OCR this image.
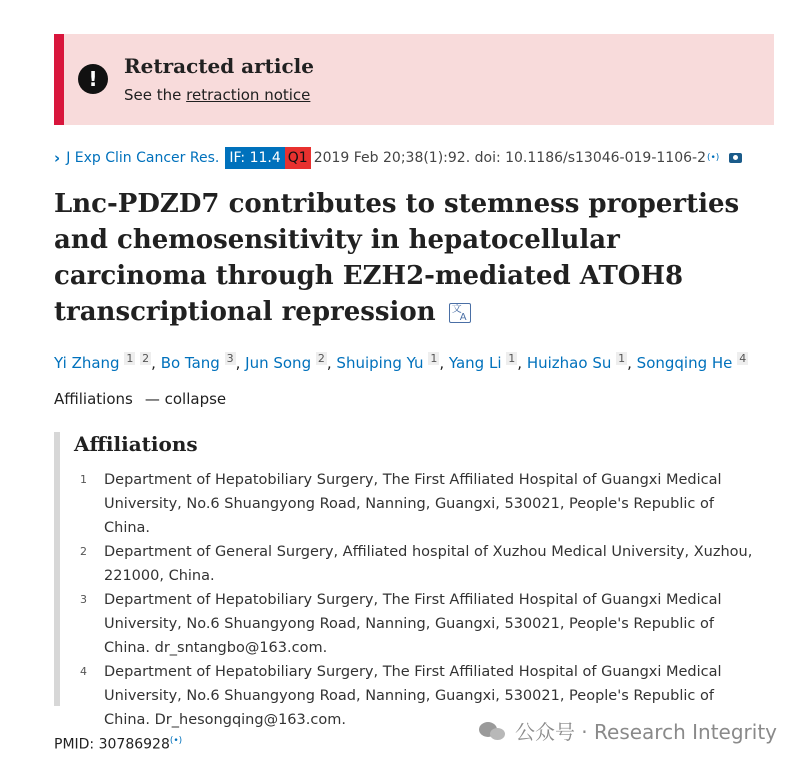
!
Retracted article
See the retraction notice
› J Exp Clin Cancer Res. IF: 11.4 Q1 2019 Feb 20;38(1):92. doi: 10.1186/s13046-019-1106-2 (•)
Lnc-PDZD7 contributes to stemness properties and chemosensitivity in hepatocellular carcinoma through EZH2-mediated ATOH8 transcriptional repression 文
A
Yi Zhang $^1$ $^2$ , Bo Tang $^3$ , Jun Song $^2$ , Shuiping Yu $^1$ , Yang Li $^1$ , Huizhao Su $^1$ , Songqing He $^4$
Affiliations — collapse
Affiliations
1 Department of Hepatobiliary Surgery, The First Affiliated Hospital of Guangxi Medical University, No.6 Shuangyong Road, Nanning, Guangxi, 530021, People's Republic of China.
2 Department of General Surgery, Affiliated hospital of Xuzhou Medical University, Xuzhou, 221000, China.
3 Department of Hepatobiliary Surgery, The First Affiliated Hospital of Guangxi Medical University, No.6 Shuangyong Road, Nanning, Guangxi, 530021, People's Republic of China. dr_sntangbo@163.com.
4 Department of Hepatobiliary Surgery, The First Affiliated Hospital of Guangxi Medical University, No.6 Shuangyong Road, Nanning, Guangxi, 530021, People's Republic of China. Dr_hesongqing@163.com.	公众号 · Research Integrity
PMID: 30786928(•)
